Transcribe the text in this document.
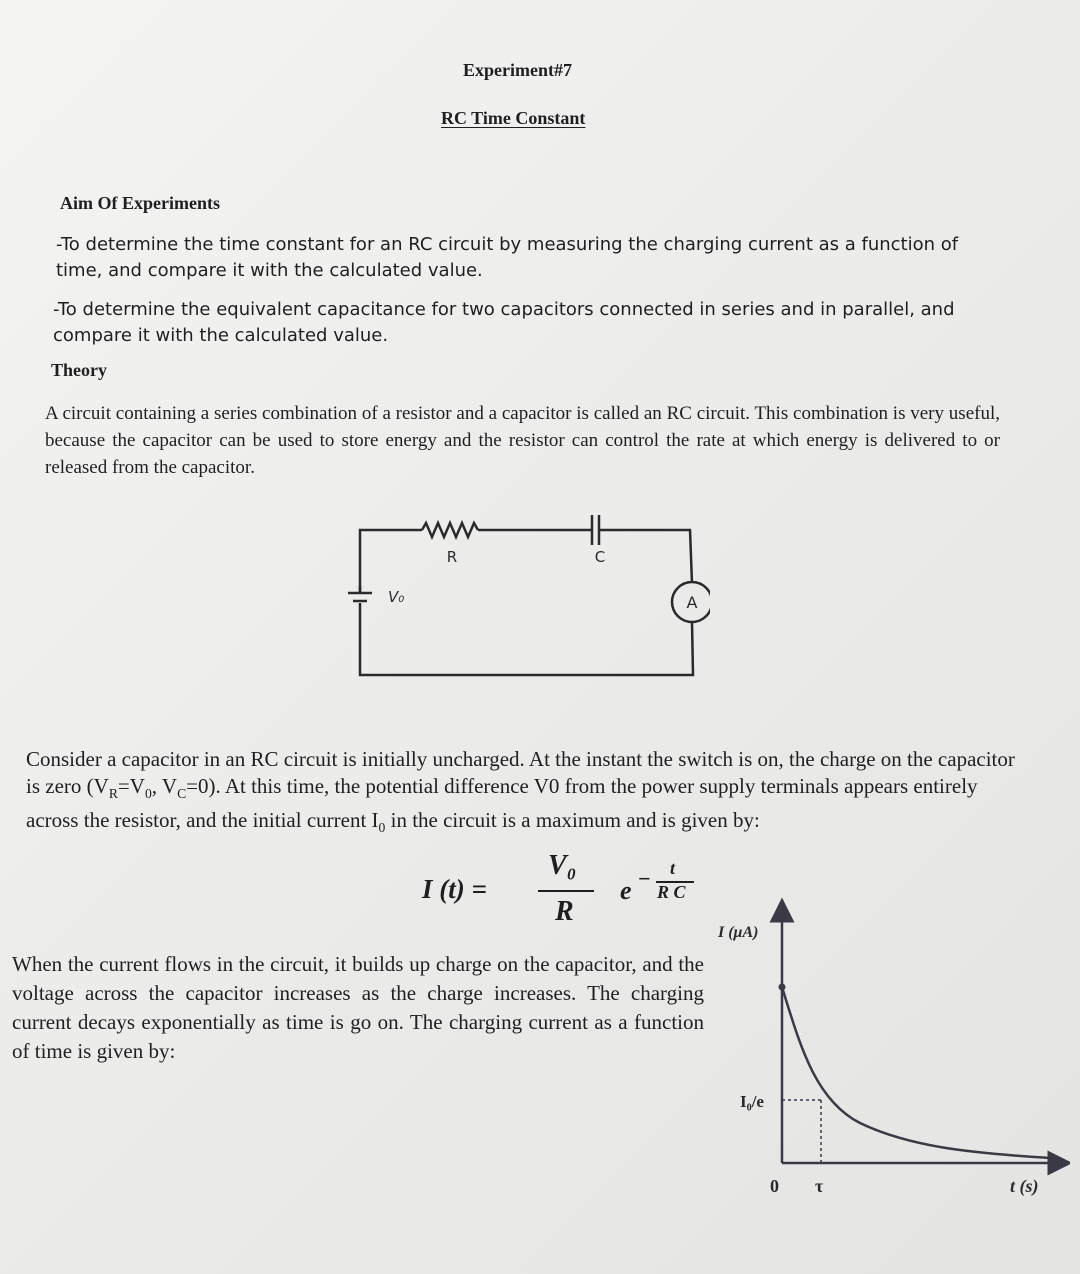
Experiment#7
RC Time Constant
Aim Of Experiments
-To determine the time constant for an RC circuit by measuring the charging current as a function of time, and compare it with the calculated value.
-To determine the equivalent capacitance for two capacitors connected in series and in parallel, and compare it with the calculated value.
Theory
A circuit containing a series combination of a resistor and a capacitor is called an RC circuit. This combination is very useful, because the capacitor can be used to store energy and the resistor can control the rate at which energy is delivered to or released from the capacitor.
R	C
V₀	A
Consider a capacitor in an RC circuit is initially uncharged. At the instant the switch is on, the charge on the capacitor is zero ($V_R=V_0$, $V_C=0$). At this time, the potential difference V0 from the power supply terminals appears entirely across the resistor, and the initial current $I_0$ in the circuit is a maximum and is given by:
I (t) =
V₀
R
e − t
R C
When the current flows in the circuit, it builds up charge on the capacitor, and the voltage across the capacitor increases as the charge increases. The charging current decays exponentially as time is go on. The charging current as a function of time is given by:
I (μA)
I₀/e
0 τ	t (s)
